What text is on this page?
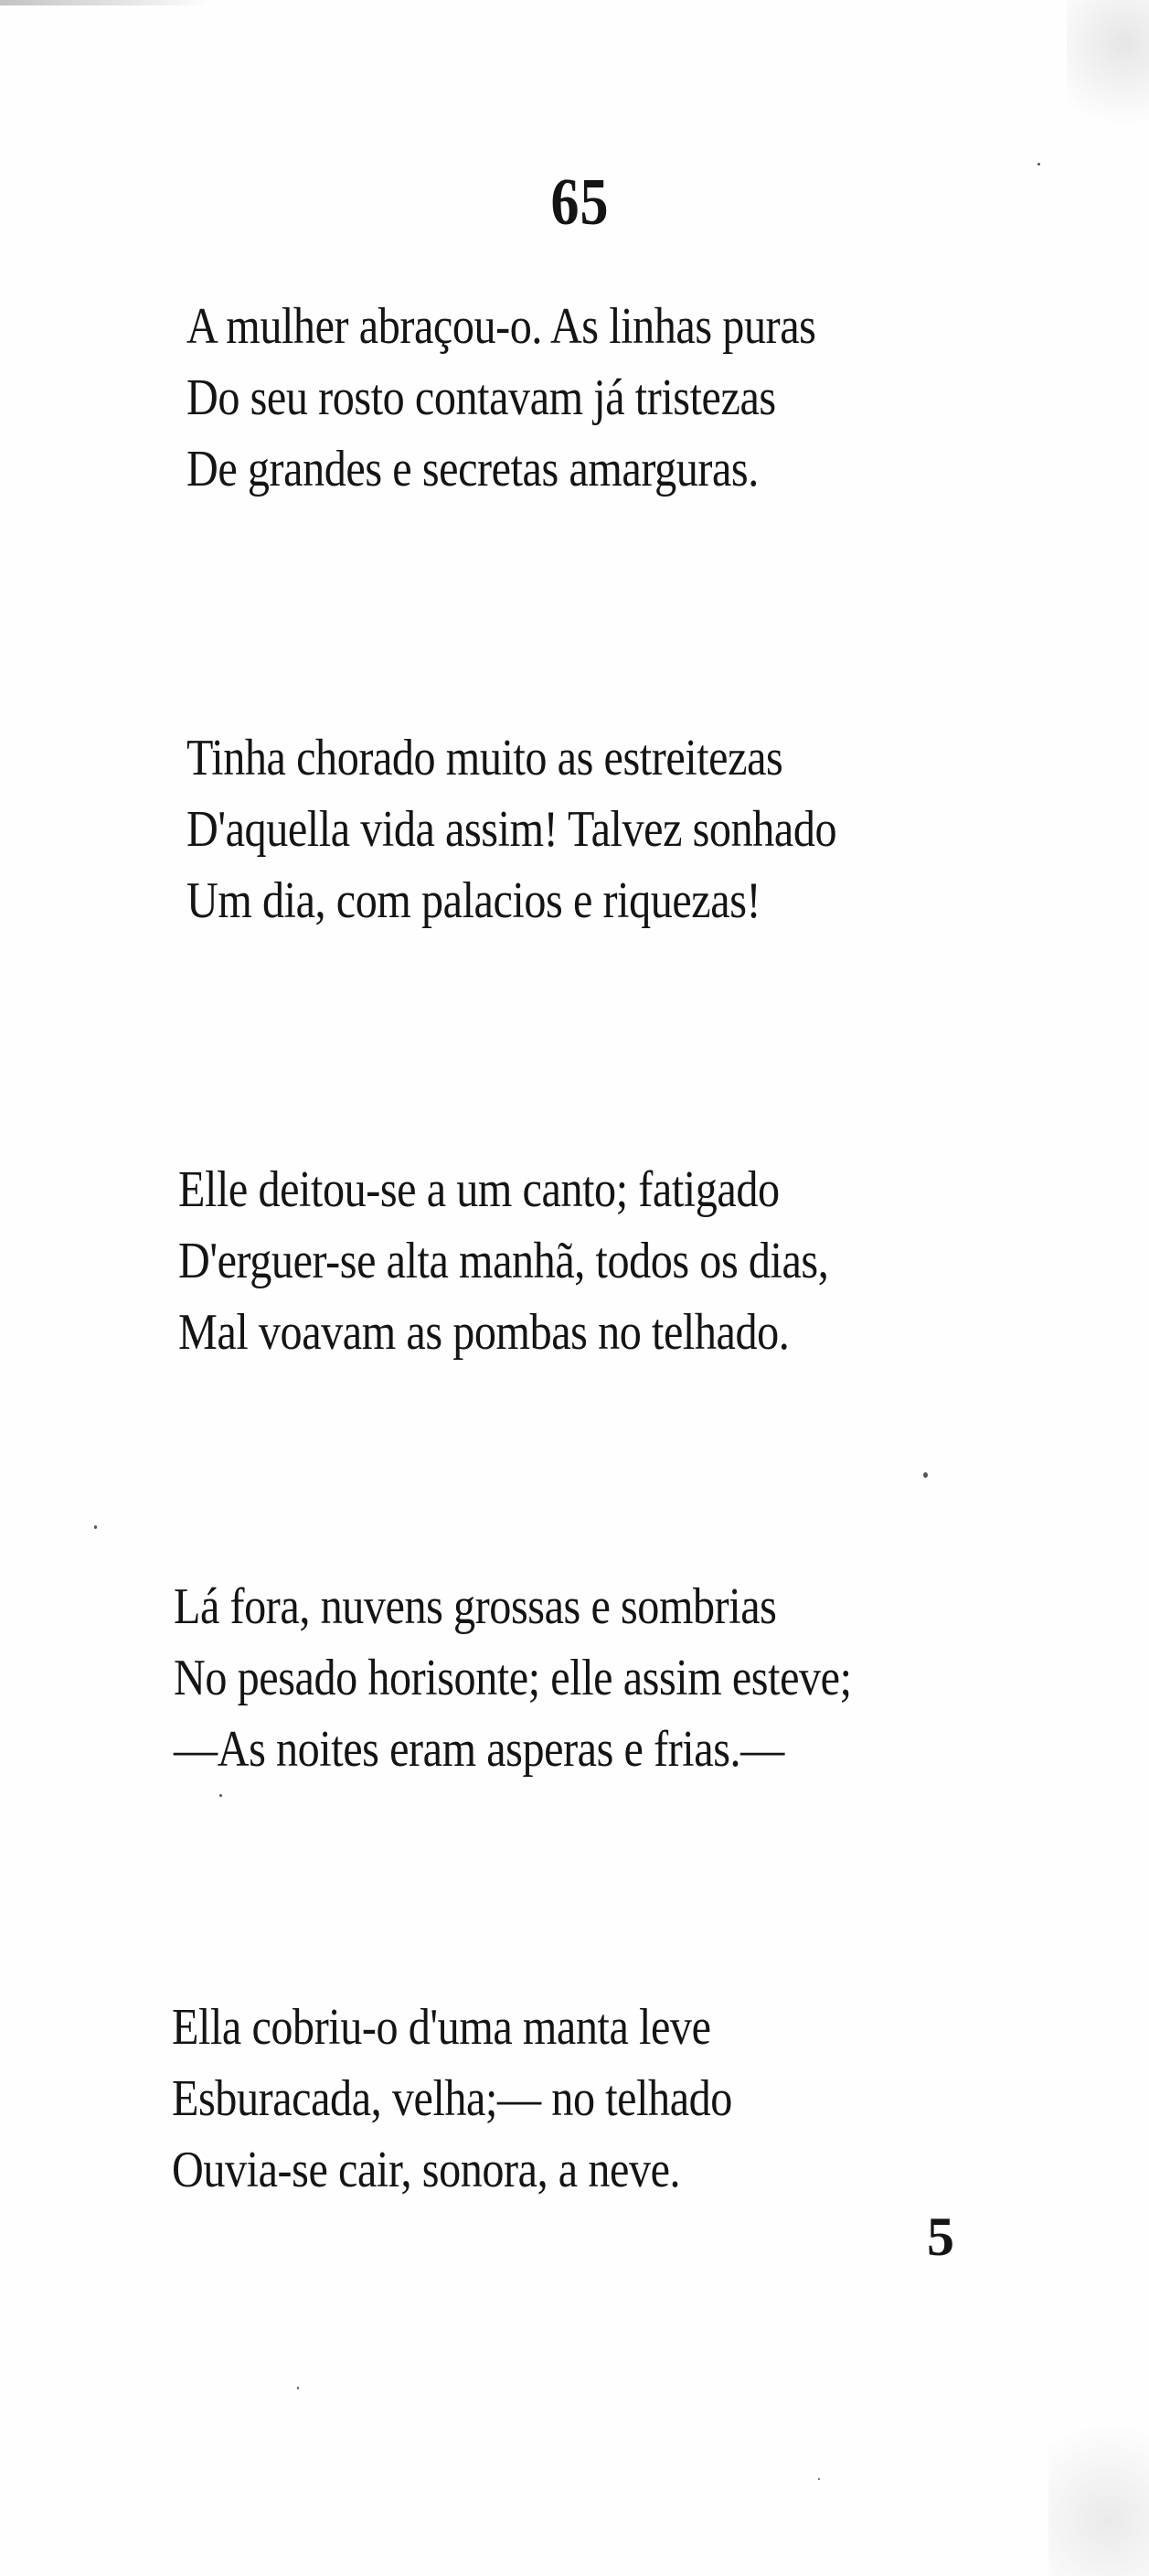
65
A mulher abraçou-o. As linhas puras
Do seu rosto contavam já tristezas
De grandes e secretas amarguras.
Tinha chorado muito as estreitezas
D'aquella vida assim! Talvez sonhado
Um dia, com palacios e riquezas!
Elle deitou-se a um canto; fatigado
D'erguer-se alta manhã, todos os dias,
Mal voavam as pombas no telhado.
Lá fora, nuvens grossas e sombrias
No pesado horisonte; elle assim esteve;
—As noites eram asperas e frias.—
Ella cobriu-o d'uma manta leve
Esburacada, velha;— no telhado
Ouvia-se cair, sonora, a neve.
5
